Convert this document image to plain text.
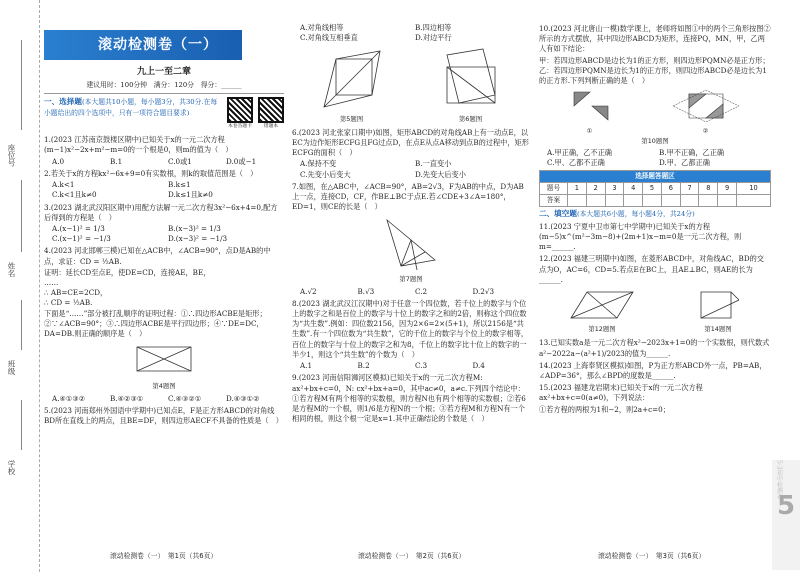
座位号
姓名
班级
学校
滚动检测卷（一）
九上一至二章
建议用时：100分钟　满分：120分　得分：______
本卷答题卡	错题本
一、选择题(本大题共10小题，每小题3分，共30分.在每小题给出的四个选项中，只有一项符合题目要求)
1.(2023 江苏南京鼓楼区期中)已知关于x的一元二次方程(m−1)x²−2x+m²−m=0的一个根是0，则m的值为（　）
A.0	B.1	C.0或1	D.0或−1
2.若关于x的方程kx²−6x+9=0有实数根，则k的取值范围是（　）
A.k<1	B.k≤1
C.k<1且k≠0	D.k≤1且k≠0
3.(2023 湖北武汉阳区期中)用配方法解一元二次方程3x²−6x+4=0,配方后得到的方程是（　）
A.(x−1)² = 1/3	B.(x−3)² = 1/3
C.(x−1)² = −1/3	D.(x−3)² = −1/3
4.(2023 河北邯郸三模)已知在△ACB中，∠ACB=90°，点D是AB的中点，求证：CD = ½AB.
证明：延长CD至点E，使DE=CD，连接AE，BE，
……
∴ AB=CE=2CD，
∴ CD = ½AB.
下面是“……”部分被打乱顺序的证明过程：①∴四边形ACBE是矩形；②∵∠ACB=90°；③∴四边形ACBE是平行四边形；④∵DE=DC，DA=DB.则正确的顺序是（　）
第4题图
A.④①③②	B.④②③①	C.④③②①	D.④③①②
5.(2023 河南郑州外国语中学期中)已知点E，F是正方形ABCD的对角线BD所在直线上的两点，且BE=DF，则四边形AECF不具备的性质是（　）
滚动检测卷（一）　第1页（共6页）
A.对角线相等	B.四边相等
C.对角线互相垂直	D.对边平行
第5题图	第6题图
6.(2023 河北张家口期中)如图，矩形ABCD的对角线AB上有一动点E，以EC为边作矩形ECFG且FG过点D，在点E从点A移动到点B的过程中，矩形ECFG的面积（　）
A.保持不变	B.一直变小
C.先变小后变大	D.先变大后变小
7.如图，在△ABC中，∠ACB=90°，AB=2√3，F为AB的中点，D为AB上一点，连接CD，CF，作BE⊥BC于点E.若∠CDE+3∠A=180°，ED=1，则CE的长是（　）
第7题图
A.√2	B.√3	C.2	D.2√3
8.(2023 湖北武汉江汉期中)对于任意一个四位数，若千位上的数字与个位上的数字之和是百位上的数字与十位上的数字之和的2倍，则称这个四位数为“共生数”.例如：四位数2156，因为2×6=2×(5+1)，所以2156是“共生数”.有一个四位数为“共生数”，它的千位上的数字与个位上的数字相等，百位上的数字与十位上的数字之和为8，千位上的数字比十位上的数字的一半少1，则这个“共生数”的个数为（　）
A.1	B.2	C.3	D.4
9.(2023 河南信阳浉河区模拟)已知关于x的一元二次方程M: ax²+bx+c=0，N: cx²+bx+a=0，其中ac≠0，a≠c.下列四个结论中：①若方程M有两个相等的实数根，则方程N也有两个相等的实数根；②若6是方程M的一个根，则1/6是方程N的一个根；③若方程M和方程N有一个相同的根，则这个根一定是x=1.其中正确结论的个数是（　）
滚动检测卷（一）　第2页（共6页）
10.(2023 河北唐山一模)数学课上，老师将如图①中的两个三角形按图②所示的方式摆放，其中四边形ABCD为矩形，连接PQ，MN，甲，乙两人有如下结论：
甲：若四边形ABCD是边长为1的正方形，则四边形PQMN必是正方形；
乙：若四边形PQMN是边长为1的正方形，则四边形ABCD必是边长为1的正方形.下列判断正确的是（　）
①	②
第10题图
A.甲正确，乙不正确	B.甲不正确，乙正确
C.甲、乙都不正确	D.甲、乙都正确
选择题答题区										
题号	1	2	3	4	5	6	7	8	9	10
答案										
二、填空题(本大题共6小题，每小题4分，共24分)
11.(2023 宁夏中卫市第七中学期中)已知关于x的方程(m−5)x^(m²−3m−8)+(2m+1)x−m=0是一元二次方程，则m=______.
12.(2023 福建三明期中)如图，在菱形ABCD中，对角线AC，BD的交点为O，AC=6，CD=5.若点E在BC上，且AE⊥BC，则AE的长为______.
第12题图	第14题图
13.已知实数a是一元二次方程x²−2023x+1=0的一个实数根，则代数式a²−2022a−(a²+1)/2023的值为______.
14.(2023 上海奉贤区模拟)如图，P为正方形ABCD外一点，PB=AB，∠ADP=36°，那么∠BPD的度数是______.
15.(2023 福建龙岩期末)已知关于x的一元二次方程ax²+bx+c=0(a≠0)，下列说法：
①若方程的两根为1和−2，则2a+c=0；
滚动检测卷（一）　第3页（共6页）
5·3初中检测卷
5
